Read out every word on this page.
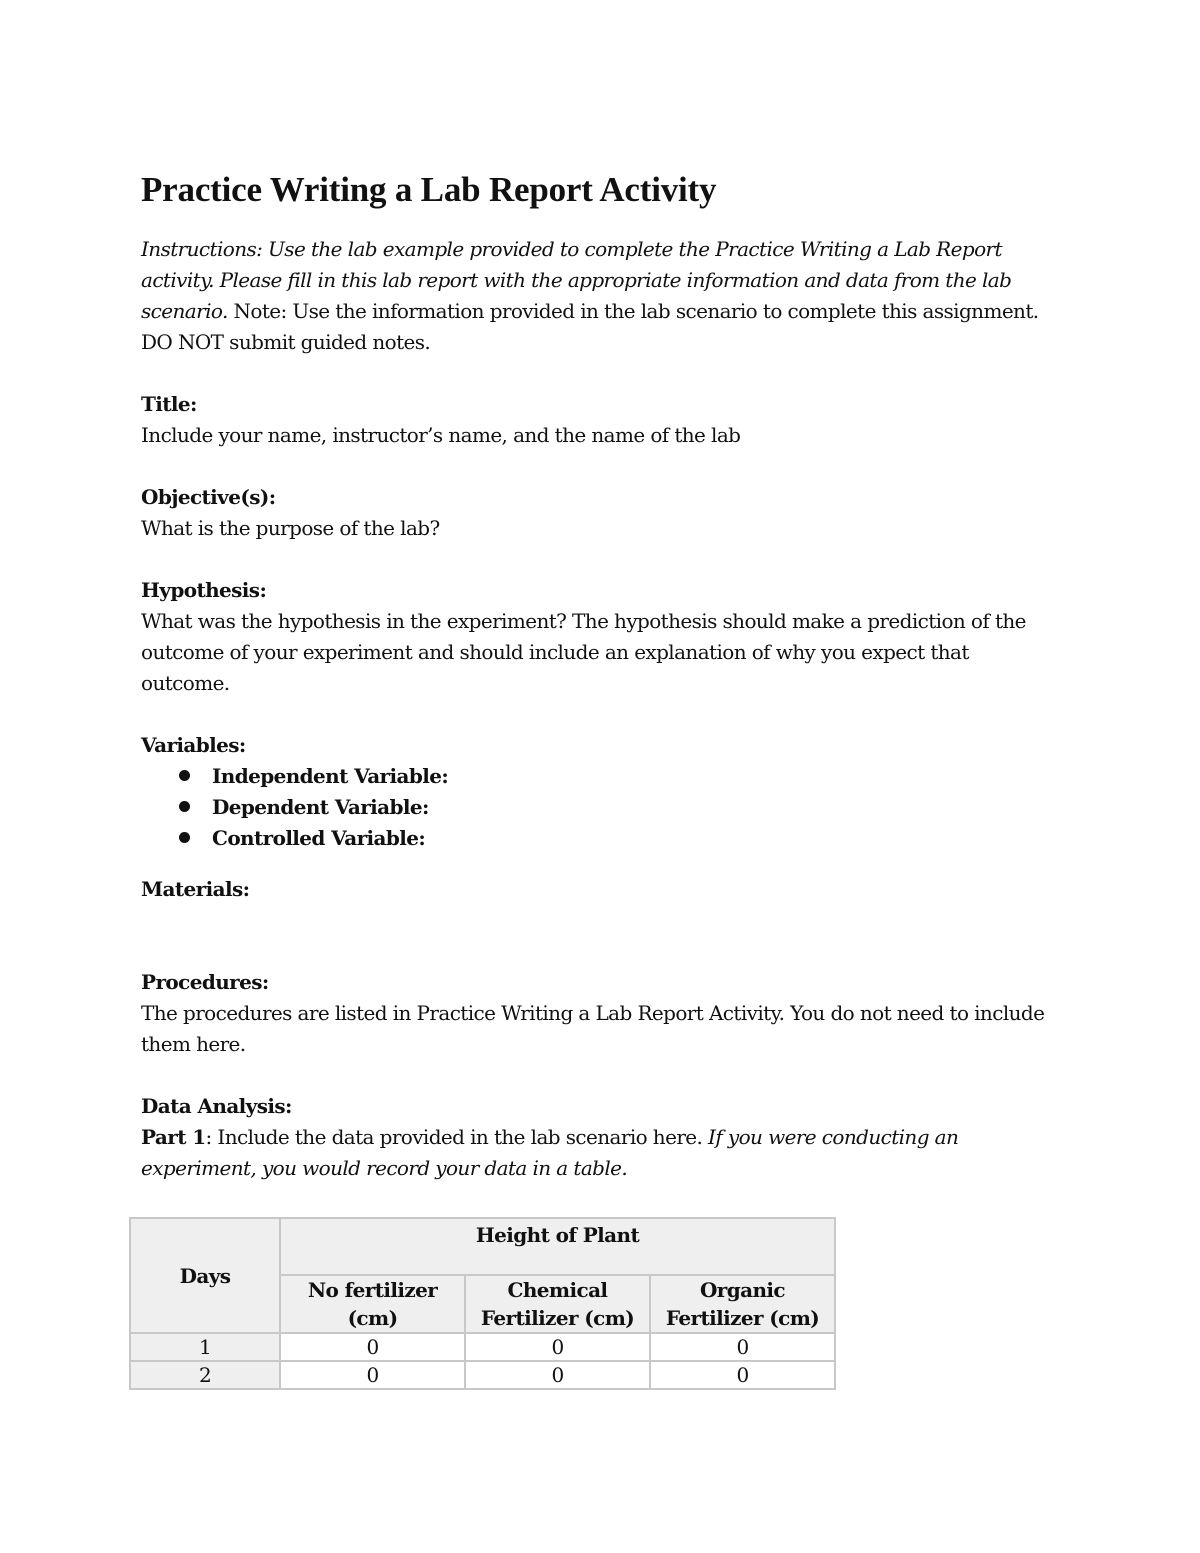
Practice Writing a Lab Report Activity
Instructions: Use the lab example provided to complete the Practice Writing a Lab Report activity. Please fill in this lab report with the appropriate information and data from the lab scenario. Note: Use the information provided in the lab scenario to complete this assignment. DO NOT submit guided notes.
Title:
Include your name, instructor’s name, and the name of the lab
Objective(s):
What is the purpose of the lab?
Hypothesis:
What was the hypothesis in the experiment? The hypothesis should make a prediction of the outcome of your experiment and should include an explanation of why you expect that outcome.
Variables:
Independent Variable:
Dependent Variable:
Controlled Variable:
Materials:
Procedures:
The procedures are listed in Practice Writing a Lab Report Activity. You do not need to include them here.
Data Analysis:
Part 1: Include the data provided in the lab scenario here. If you were conducting an experiment, you would record your data in a table.
Days	Height of Plant		
	No fertilizer (cm)	Chemical Fertilizer (cm)	Organic Fertilizer (cm)
1	0	0	0
2	0	0	0
